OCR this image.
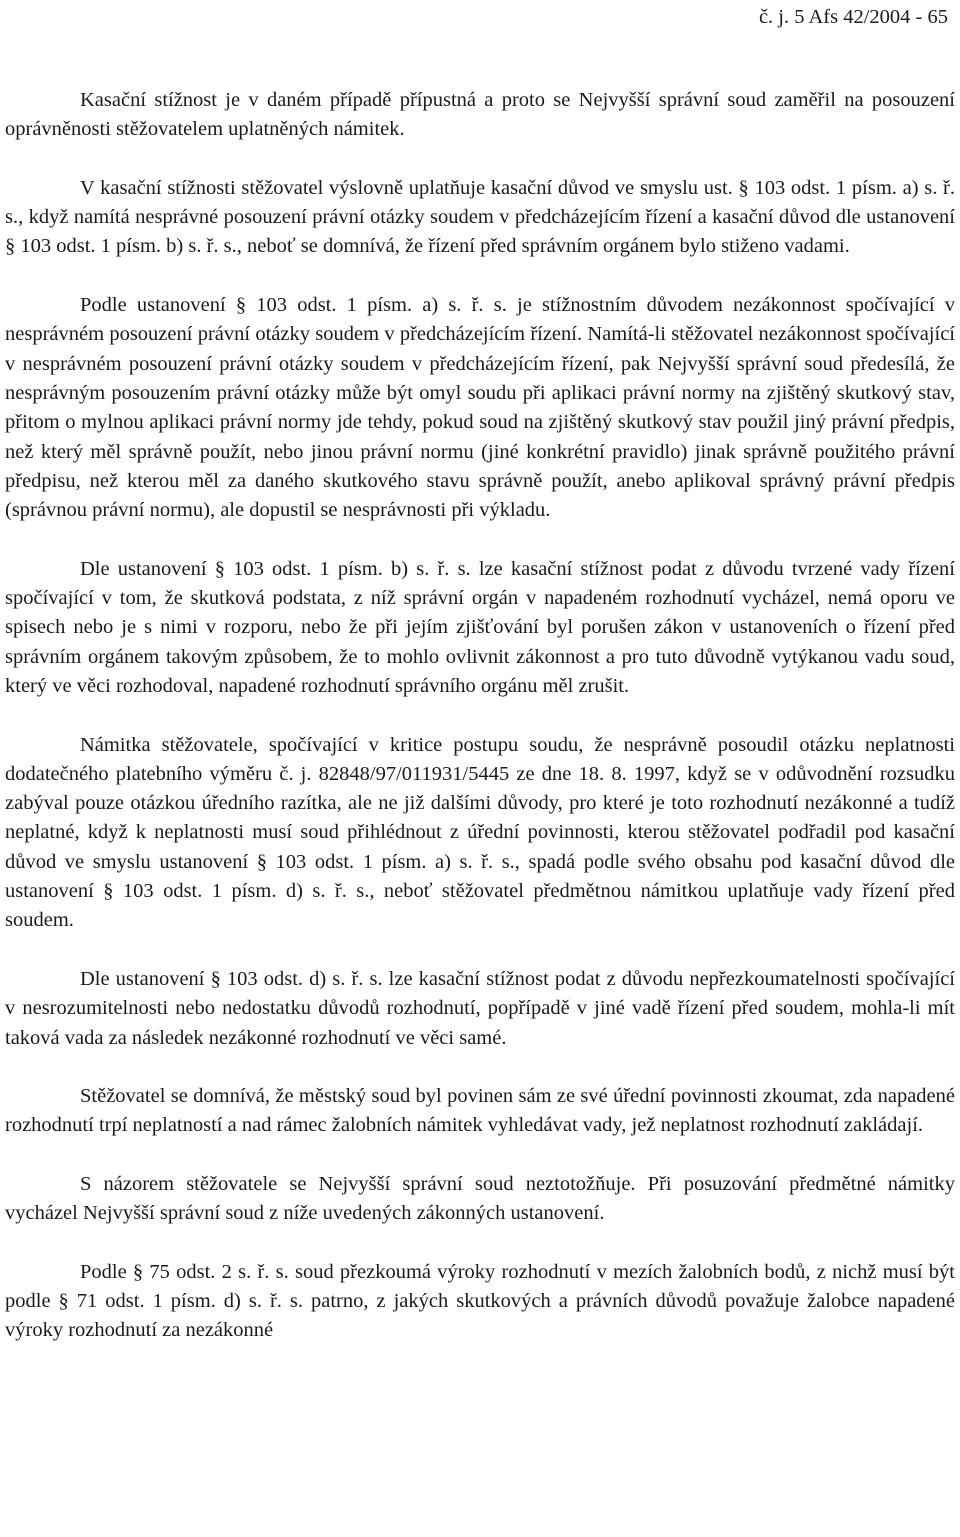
č. j. 5 Afs 42/2004 - 65

Kasační stížnost je v daném případě přípustná a proto se Nejvyšší správní soud zaměřil na posouzení oprávněnosti stěžovatelem uplatněných námitek.

V kasační stížnosti stěžovatel výslovně uplatňuje kasační důvod ve smyslu ust. § 103 odst. 1 písm. a) s. ř. s., když namítá nesprávné posouzení právní otázky soudem v předcházejícím řízení a kasační důvod dle ustanovení § 103 odst. 1 písm. b) s. ř. s., neboť se domnívá, že řízení před správním orgánem bylo stiženo vadami.

Podle ustanovení § 103 odst. 1 písm. a) s. ř. s. je stížnostním důvodem nezákonnost spočívající v nesprávném posouzení právní otázky soudem v předcházejícím řízení. Namítá-li stěžovatel nezákonnost spočívající v nesprávném posouzení právní otázky soudem v předcházejícím řízení, pak Nejvyšší správní soud předesílá, že nesprávným posouzením právní otázky může být omyl soudu při aplikaci právní normy na zjištěný skutkový stav, přitom o mylnou aplikaci právní normy jde tehdy, pokud soud na zjištěný skutkový stav použil jiný právní předpis, než který měl správně použít, nebo jinou právní normu (jiné konkrétní pravidlo) jinak správně použitého právní předpisu, než kterou měl za daného skutkového stavu správně použít, anebo aplikoval správný právní předpis (správnou právní normu), ale dopustil se nesprávnosti při výkladu.

Dle ustanovení § 103 odst. 1 písm. b) s. ř. s. lze kasační stížnost podat z důvodu tvrzené vady řízení spočívající v tom, že skutková podstata, z níž správní orgán v napadeném rozhodnutí vycházel, nemá oporu ve spisech nebo je s nimi v rozporu, nebo že při jejím zjišťování byl porušen zákon v ustanoveních o řízení před správním orgánem takovým způsobem, že to mohlo ovlivnit zákonnost a pro tuto důvodně vytýkanou vadu soud, který ve věci rozhodoval, napadené rozhodnutí správního orgánu měl zrušit.

Námitka stěžovatele, spočívající v kritice postupu soudu, že nesprávně posoudil otázku neplatnosti dodatečného platebního výměru č. j. 82848/97/011931/5445 ze dne 18. 8. 1997, když se v odůvodnění rozsudku zabýval pouze otázkou úředního razítka, ale ne již dalšími důvody, pro které je toto rozhodnutí nezákonné a tudíž neplatné, když k neplatnosti musí soud přihlédnout z úřední povinnosti, kterou stěžovatel podřadil pod kasační důvod ve smyslu ustanovení § 103 odst. 1 písm. a) s. ř. s., spadá podle svého obsahu pod kasační důvod dle ustanovení § 103 odst. 1 písm. d) s. ř. s., neboť stěžovatel předmětnou námitkou uplatňuje vady řízení před soudem.

Dle ustanovení § 103 odst. d) s. ř. s. lze kasační stížnost podat z důvodu nepřezkoumatelnosti spočívající v nesrozumitelnosti nebo nedostatku důvodů rozhodnutí, popřípadě v jiné vadě řízení před soudem, mohla-li mít taková vada za následek nezákonné rozhodnutí ve věci samé.

Stěžovatel se domnívá, že městský soud byl povinen sám ze své úřední povinnosti zkoumat, zda napadené rozhodnutí trpí neplatností a nad rámec žalobních námitek vyhledávat vady, jež neplatnost rozhodnutí zakládají.

S názorem stěžovatele se Nejvyšší správní soud neztotožňuje. Při posuzování předmětné námitky vycházel Nejvyšší správní soud z níže uvedených zákonných ustanovení.

Podle § 75 odst. 2 s. ř. s. soud přezkoumá výroky rozhodnutí v mezích žalobních bodů, z nichž musí být podle § 71 odst. 1 písm. d) s. ř. s. patrno, z jakých skutkových a právních důvodů považuje žalobce napadené výroky rozhodnutí za nezákonné
